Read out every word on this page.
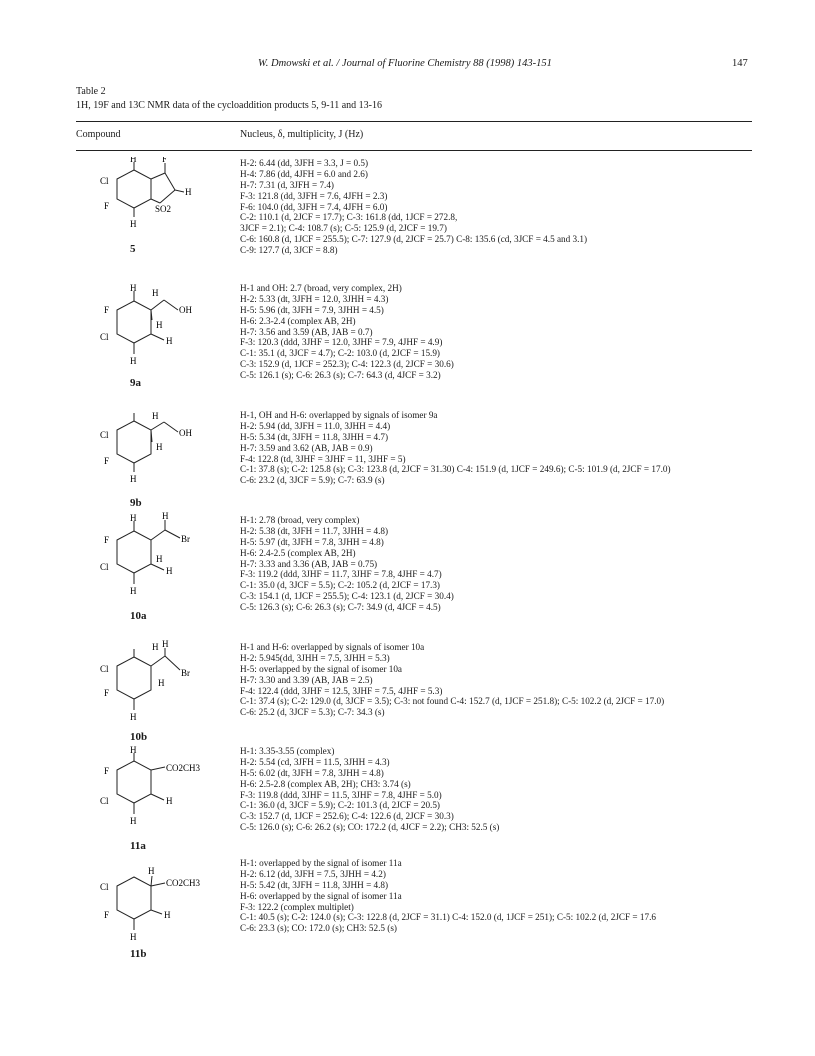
W. Dmowski et al. / Journal of Fluorine Chemistry 88 (1998) 143-151	147
Table 2
1H, 19F and 13C NMR data of the cycloaddition products 5, 9-11 and 13-16
Compound	Nucleus, δ, multiplicity, J (Hz)
H	F
Cl
H
F	SO2
H
5
H-2: 6.44 (dd, 3JFH = 3.3, J = 0.5)
H-4: 7.86 (dd, 4JFH = 6.0 and 2.6)
H-7: 7.31 (d, 3JFH = 7.4)
F-3: 121.8 (dd, 3JFH = 7.6, 4JFH = 2.3)
F-6: 104.0 (dd, 3JFH = 7.4, 4JFH = 6.0)
C-2: 110.1 (d, 2JCF = 17.7); C-3: 161.8 (dd, 1JCF = 272.8,
3JCF = 2.1); C-4: 108.7 (s); C-5: 125.9 (d, 2JCF = 19.7)
C-6: 160.8 (d, 1JCF = 255.5); C-7: 127.9 (d, 2JCF = 25.7) C-8: 135.6 (cd, 3JCF = 4.5 and 3.1)
C-9: 127.7 (d, 3JCF = 8.8)
H H
F	OH
H
Cl	H
H
9a
H-1 and OH: 2.7 (broad, very complex, 2H)
H-2: 5.33 (dt, 3JFH = 12.0, 3JHH = 4.3)
H-5: 5.96 (dt, 3JFH = 7.9, 3JHH = 4.5)
H-6: 2.3-2.4 (complex AB, 2H)
H-7: 3.56 and 3.59 (AB, JAB = 0.7)
F-3: 120.3 (ddd, 3JHF = 12.0, 3JHF = 7.9, 4JHF = 4.9)
C-1: 35.1 (d, 3JCF = 4.7); C-2: 103.0 (d, 2JCF = 15.9)
C-3: 152.9 (d, 1JCF = 252.3); C-4: 122.3 (d, 2JCF = 30.6)
C-5: 126.1 (s); C-6: 26.3 (s); C-7: 64.3 (d, 4JCF = 3.2)
Cl
H
OH
H
F
H
9b
H-1, OH and H-6: overlapped by signals of isomer 9a
H-2: 5.94 (dd, 3JFH = 11.0, 3JHH = 4.4)
H-5: 5.34 (dt, 3JFH = 11.8, 3JHH = 4.7)
H-7: 3.59 and 3.62 (AB, JAB = 0.9)
F-4: 122.8 (td, 3JHF = 3JHF = 11, 3JHF = 5)
C-1: 37.8 (s); C-2: 125.8 (s); C-3: 123.8 (d, 2JCF = 31.30) C-4: 151.9 (d, 1JCF = 249.6); C-5: 101.9 (d, 2JCF = 17.0)
C-6: 23.2 (d, 3JCF = 5.9); C-7: 63.9 (s)
H	H
F	Br
Cl
H
H
H
10a
H-1: 2.78 (broad, very complex)
H-2: 5.38 (dt, 3JFH = 11.7, 3JHH = 4.8)
H-5: 5.97 (dt, 3JFH = 7.8, 3JHH = 4.8)
H-6: 2.4-2.5 (complex AB, 2H)
H-7: 3.33 and 3.36 (AB, JAB = 0.75)
F-3: 119.2 (ddd, 3JHF = 11.7, 3JHF = 7.8, 4JHF = 4.7)
C-1: 35.0 (d, 3JCF = 5.5); C-2: 105.2 (d, 2JCF = 17.3)
C-3: 154.1 (d, 1JCF = 255.5); C-4: 123.1 (d, 2JCF = 30.4)
C-5: 126.3 (s); C-6: 26.3 (s); C-7: 34.9 (d, 4JCF = 4.5)
Cl
H H
Br
H
F
H
10b
H-1 and H-6: overlapped by signals of isomer 10a
H-2: 5.945(dd, 3JHH = 7.5, 3JHH = 5.3)
H-5: overlapped by the signal of isomer 10a
H-7: 3.30 and 3.39 (AB, JAB = 2.5)
F-4: 122.4 (ddd, 3JHF = 12.5, 3JHF = 7.5, 4JHF = 5.3)
C-1: 37.4 (s); C-2: 129.0 (d, 3JCF = 3.5); C-3: not found C-4: 152.7 (d, 1JCF = 251.8); C-5: 102.2 (d, 2JCF = 17.0)
C-6: 25.2 (d, 3JCF = 5.3); C-7: 34.3 (s)
H
F	CO2CH3
Cl	H
H
11a
H-1: 3.35-3.55 (complex)
H-2: 5.54 (cd, 3JFH = 11.5, 3JHH = 4.3)
H-5: 6.02 (dt, 3JFH = 7.8, 3JHH = 4.8)
H-6: 2.5-2.8 (complex AB, 2H); CH3: 3.74 (s)
F-3: 119.8 (ddd, 3JHF = 11.5, 3JHF = 7.8, 4JHF = 5.0)
C-1: 36.0 (d, 3JCF = 5.9); C-2: 101.3 (d, 2JCF = 20.5)
C-3: 152.7 (d, 1JCF = 252.6); C-4: 122.6 (d, 2JCF = 30.3)
C-5: 126.0 (s); C-6: 26.2 (s); CO: 172.2 (d, 4JCF = 2.2); CH3: 52.5 (s)
Cl
H
CO2CH3
H
F
H
11b
H-1: overlapped by the signal of isomer 11a
H-2: 6.12 (dd, 3JFH = 7.5, 3JHH = 4.2)
H-5: 5.42 (dt, 3JFH = 11.8, 3JHH = 4.8)
H-6: overlapped by the signal of isomer 11a
F-3: 122.2 (complex multiplet)
C-1: 40.5 (s); C-2: 124.0 (s); C-3: 122.8 (d, 2JCF = 31.1) C-4: 152.0 (d, 1JCF = 251); C-5: 102.2 (d, 2JCF = 17.6
C-6: 23.3 (s); CO: 172.0 (s); CH3: 52.5 (s)
